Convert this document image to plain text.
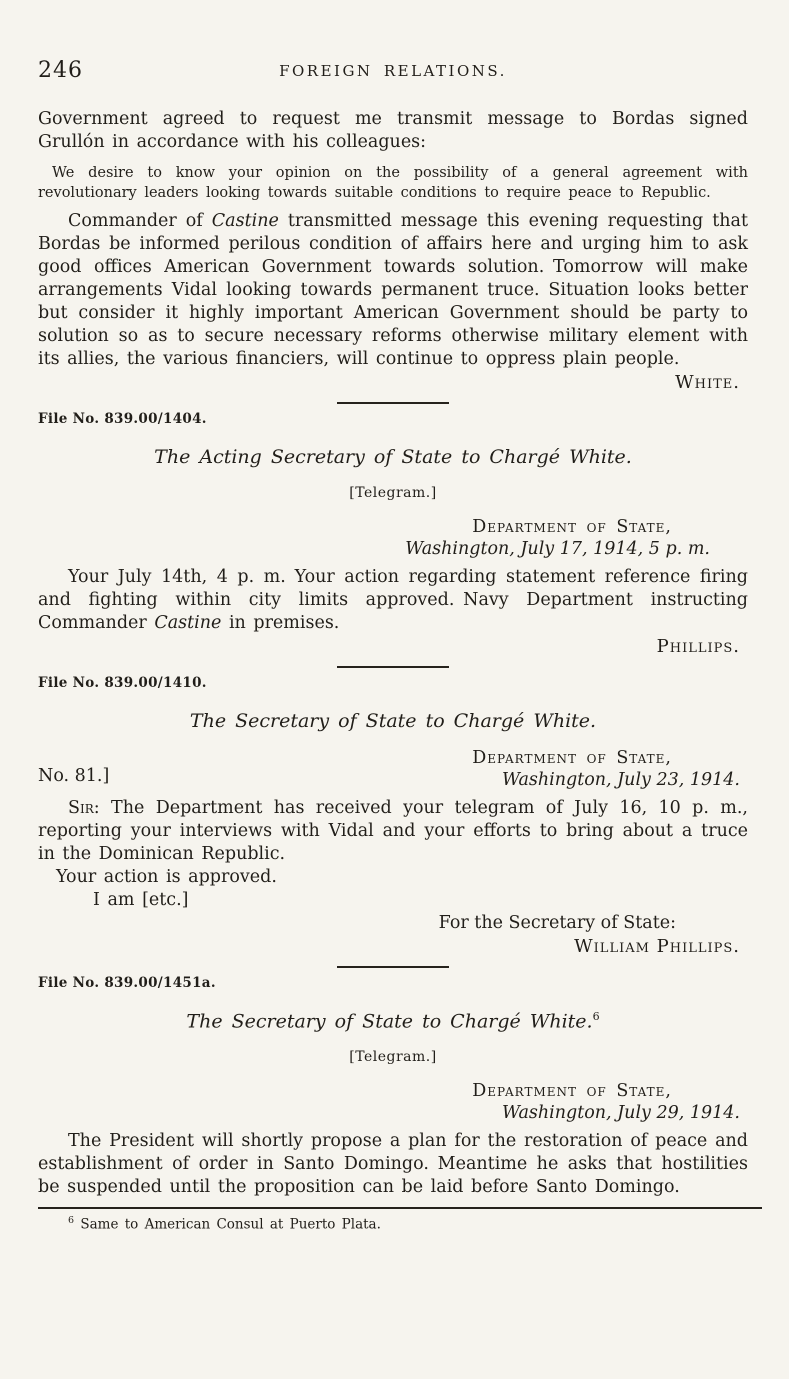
246	FOREIGN RELATIONS.

Government agreed to request me transmit message to Bordas signed Grullón in accordance with his colleagues:

We desire to know your opinion on the possibility of a general agreement with revolutionary leaders looking towards suitable conditions to require peace to Republic.

Commander of Castine transmitted message this evening requesting that Bordas be informed perilous condition of affairs here and urging him to ask good offices American Government towards solution. Tomorrow will make arrangements Vidal looking towards permanent truce. Situation looks better but consider it highly important American Government should be party to solution so as to secure necessary reforms otherwise military element with its allies, the various financiers, will continue to oppress plain people.

White.

File No. 839.00/1404.

The Acting Secretary of State to Chargé White.

[Telegram.]

Department of State,
Washington, July 17, 1914, 5 p. m.

Your July 14th, 4 p. m. Your action regarding statement reference firing and fighting within city limits approved. Navy Department instructing Commander Castine in premises.

Phillips.

File No. 839.00/1410.

The Secretary of State to Chargé White.
No. 81.]
Department of State,
Washington, July 23, 1914.

Sir: The Department has received your telegram of July 16, 10 p. m., reporting your interviews with Vidal and your efforts to bring about a truce in the Dominican Republic.

Your action is approved.

I am [etc.]

For the Secretary of State:

William Phillips.

File No. 839.00/1451a.

The Secretary of State to Chargé White.$^6$

[Telegram.]

Department of State,
Washington, July 29, 1914.

The President will shortly propose a plan for the restoration of peace and establishment of order in Santo Domingo. Meantime he asks that hostilities be suspended until the proposition can be laid before Santo Domingo.

$^6$ Same to American Consul at Puerto Plata.
